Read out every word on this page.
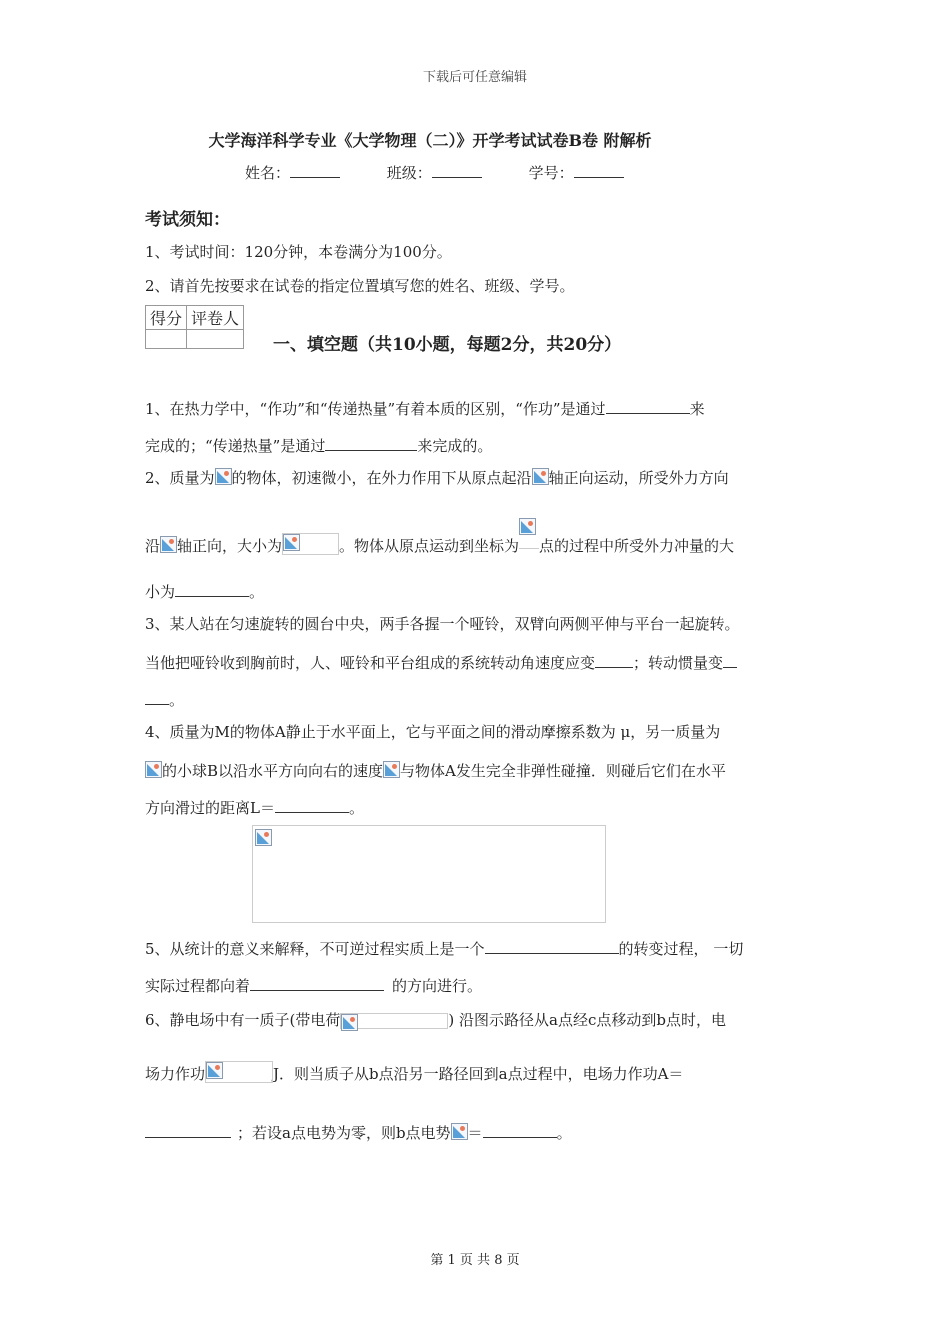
下载后可任意编辑
大学海洋科学专业《大学物理（二）》开学考试试卷B卷 附解析
姓名：	班级：	学号：
考试须知：
1、考试时间：120分钟，本卷满分为100分。
2、请首先按要求在试卷的指定位置填写您的姓名、班级、学号。
得分	评卷人

一、填空题（共10小题，每题2分，共20分）
1、在热力学中，“作功”和“传递热量”有着本质的区别，“作功”是通过	来
完成的；“传递热量”是通过	来完成的。
2、质量为 的物体，初速微小，在外力作用下从原点起沿 轴正向运动，所受外力方向
沿 轴正向，大小为	。物体从原点运动到坐标为 点的过程中所受外力冲量的大
小为	。
3、某人站在匀速旋转的圆台中央，两手各握一个哑铃，双臂向两侧平伸与平台一起旋转。
当他把哑铃收到胸前时，人、哑铃和平台组成的系统转动角速度应变	；转动惯量变
。
4、质量为M的物体A静止于水平面上，它与平面之间的滑动摩擦系数为 μ，另一质量为
的小球B以沿水平方向向右的速度 与物体A发生完全非弹性碰撞．则碰后它们在水平
方向滑过的距离L＝	。
5、从统计的意义来解释，不可逆过程实质上是一个	的转变过程， 一切
实际过程都向着	的方向进行。
6、静电场中有一质子(带电荷	) 沿图示路径从a点经c点移动到b点时，电
场力作功	J．则当质子从b点沿另一路径回到a点过程中，电场力作功A＝
；若设a点电势为零，则b点电势 ＝	。
第 1 页 共 8 页
